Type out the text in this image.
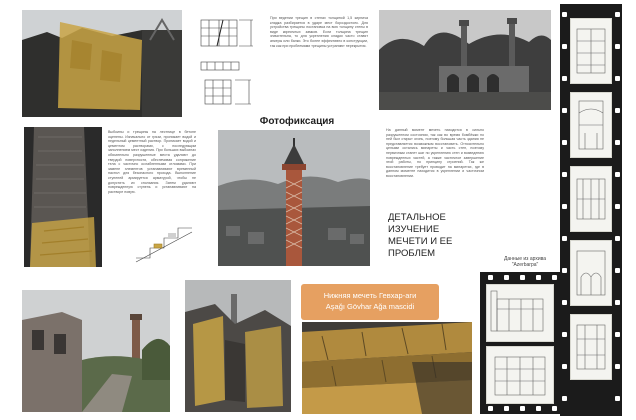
При ведении трещин в стенах толщиной 1,5 кирпича кладка разбирается в ударе мест бороздостоек. Для устройства трещины постановка на всю толщину стены в виде кирпичных замков. Если толщина трещин значительна, то для укрепления кладки часто ставят анкеры или балки. Это более эффективно в конструкции, так как при проблемами трещины устраняют перекрытия.
Выбоины и трещины на лестнице в бетоне оценены. Изначально от грязи, проникает водой и недельный цементный раствор. Проникает водой и цементом растворами, с последующим заполнением мест изделия. При больших выбоинах обязательно разрушенные места удаляют до твердой поверхности, обеспечивая сопряжение тела с частично ослабленными отломами. При замене элементов устанавливают временный настил для безопасного прохода. Выполнение ступеней армируется арматурой, чтобы не допустить их сползания. Затем удаляют поврежденную ступень и устанавливают на растворе новую.
Фотофиксация
На данный момент мечеть находится в сильно разрушенном состоянии, так как во время бомбёжки по ней был открыт огонь, поэтому большая часть здания не представляется возможным восстановить. Относительно целыми остались минареты и часть стен, поэтому первичным станет шаг по укреплению стен и возведению поврежденных частей, а также частичное завершение этой работы, по принципу строений. Так же восстановление требует проводит на минаретах, где в данном моменте находится в укреплении и частичном восстановлении.
ДЕТАЛЬНОЕ
ИЗУЧЕНИЕ
МЕЧЕТИ И ЕЕ
ПРОБЛЕМ	Данные из архива
"Azerbarpa"
Нижняя мечеть Гевхар-аги
Aşağı Gövhar Ağa mascidi
